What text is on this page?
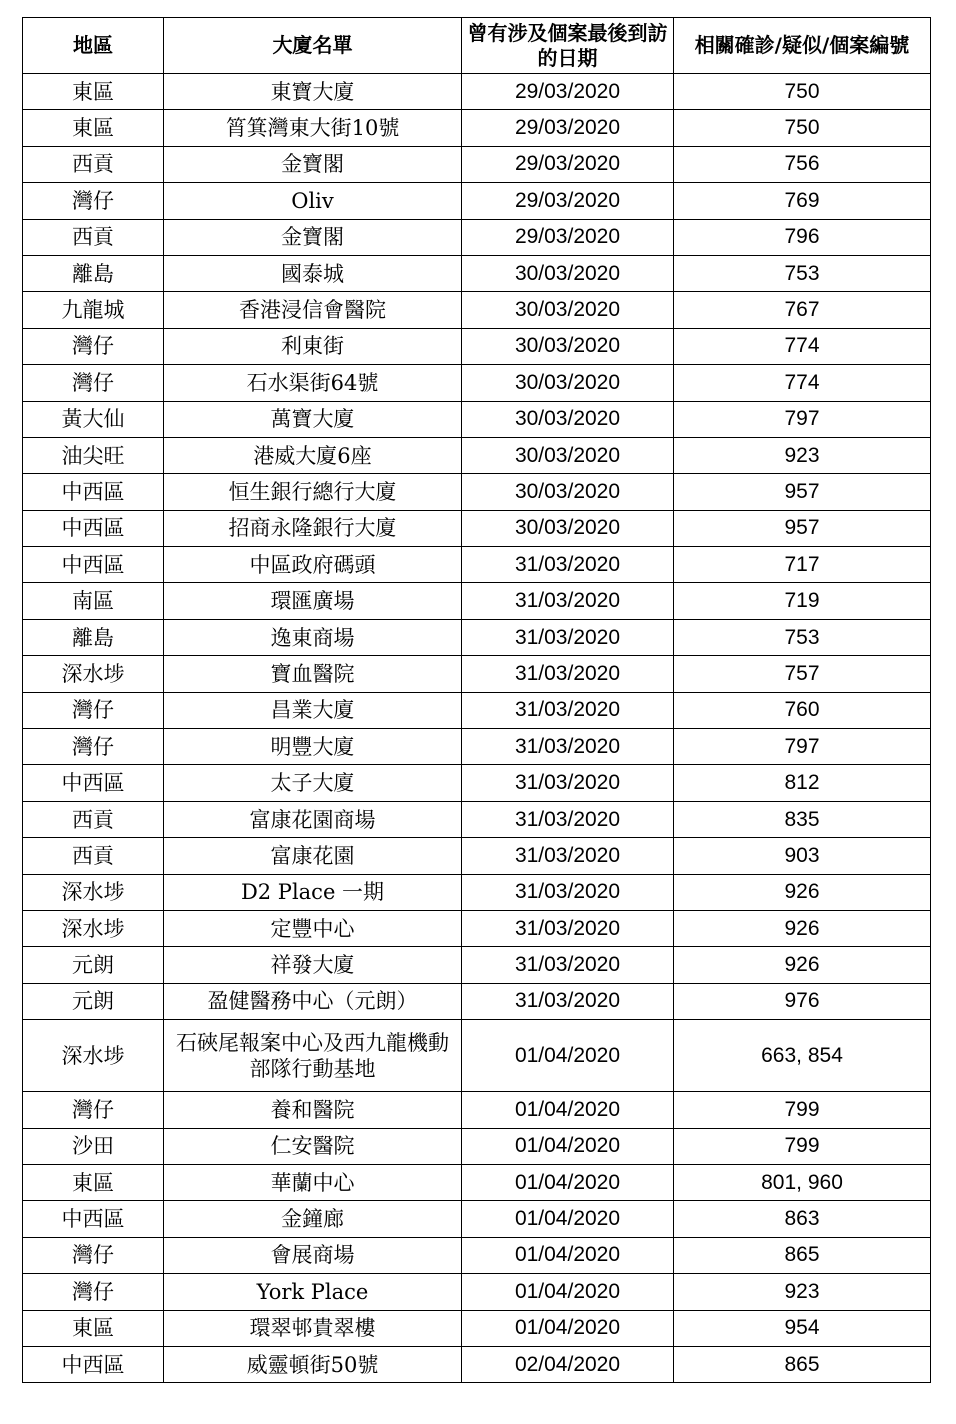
地區	大廈名單	曾有涉及個案最後到訪的日期	相關確診/疑似/個案編號
東區	東寶大廈	29/03/2020	750
東區	筲箕灣東大街10號	29/03/2020	750
西貢	金寶閣	29/03/2020	756
灣仔	Oliv	29/03/2020	769
西貢	金寶閣	29/03/2020	796
離島	國泰城	30/03/2020	753
九龍城	香港浸信會醫院	30/03/2020	767
灣仔	利東街	30/03/2020	774
灣仔	石水渠街64號	30/03/2020	774
黃大仙	萬寶大廈	30/03/2020	797
油尖旺	港威大廈6座	30/03/2020	923
中西區	恒生銀行總行大廈	30/03/2020	957
中西區	招商永隆銀行大廈	30/03/2020	957
中西區	中區政府碼頭	31/03/2020	717
南區	環匯廣場	31/03/2020	719
離島	逸東商場	31/03/2020	753
深水埗	寶血醫院	31/03/2020	757
灣仔	昌業大廈	31/03/2020	760
灣仔	明豐大廈	31/03/2020	797
中西區	太子大廈	31/03/2020	812
西貢	富康花園商場	31/03/2020	835
西貢	富康花園	31/03/2020	903
深水埗	D2 Place 一期	31/03/2020	926
深水埗	定豐中心	31/03/2020	926
元朗	祥發大廈	31/03/2020	926
元朗	盈健醫務中心（元朗）	31/03/2020	976
深水埗	石硤尾報案中心及西九龍機動部隊行動基地	01/04/2020	663, 854
灣仔	養和醫院	01/04/2020	799
沙田	仁安醫院	01/04/2020	799
東區	華蘭中心	01/04/2020	801, 960
中西區	金鐘廊	01/04/2020	863
灣仔	會展商場	01/04/2020	865
灣仔	York Place	01/04/2020	923
東區	環翠邨貴翠樓	01/04/2020	954
中西區	威靈頓街50號	02/04/2020	865
